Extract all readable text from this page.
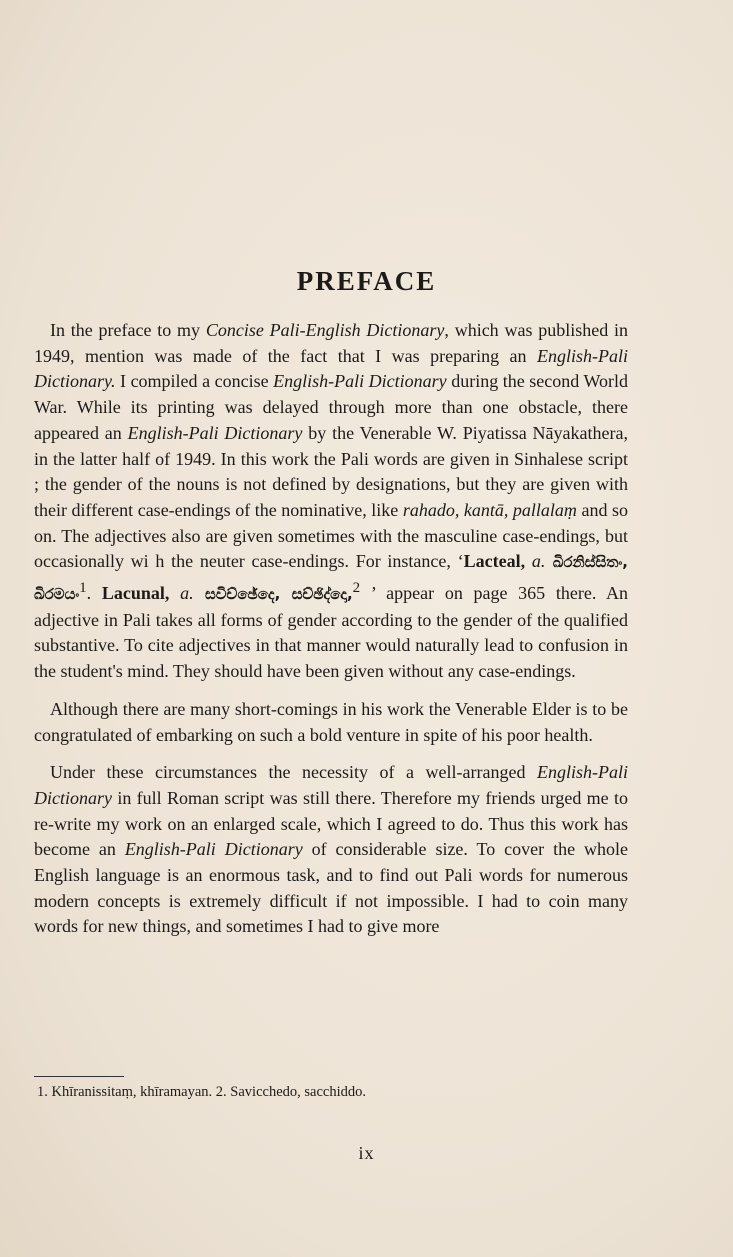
PREFACE

In the preface to my Concise Pali-English Dictionary, which was published in 1949, mention was made of the fact that I was preparing an English-Pali Dictionary. I compiled a concise English-Pali Dictionary during the second World War. While its printing was delayed through more than one obstacle, there appeared an English-Pali Dictionary by the Venerable W. Piyatissa Nāyakathera, in the latter half of 1949. In this work the Pali words are given in Sinhalese script ; the gender of the nouns is not defined by designations, but they are given with their different case-endings of the nominative, like rahado, kantā, pallalaṃ and so on. The adjectives also are given sometimes with the masculine case-endings, but occasionally wi h the neuter case-endings. For instance, ‘Lacteal, a. ඛිරනිස්සිතං, ඛිරමයං$^1$. Lacunal, a. සවිච්ඡේදෙ, සච්ඡිද්දො,$^2$ ’ appear on page 365 there. An adjective in Pali takes all forms of gender according to the gender of the qualified substantive. To cite adjectives in that manner would naturally lead to confusion in the student's mind. They should have been given without any case-endings.

Although there are many short-comings in his work the Venerable Elder is to be congratulated of embarking on such a bold venture in spite of his poor health.

Under these circumstances the necessity of a well-arranged English-Pali Dictionary in full Roman script was still there. Therefore my friends urged me to re-write my work on an enlarged scale, which I agreed to do. Thus this work has become an English-Pali Dictionary of considerable size. To cover the whole English language is an enormous task, and to find out Pali words for numerous modern concepts is extremely difficult if not impossible. I had to coin many words for new things, and sometimes I had to give more

1. Khīranissitaṃ, khīramayan. 2. Savicchedo, sacchiddo.
ix
